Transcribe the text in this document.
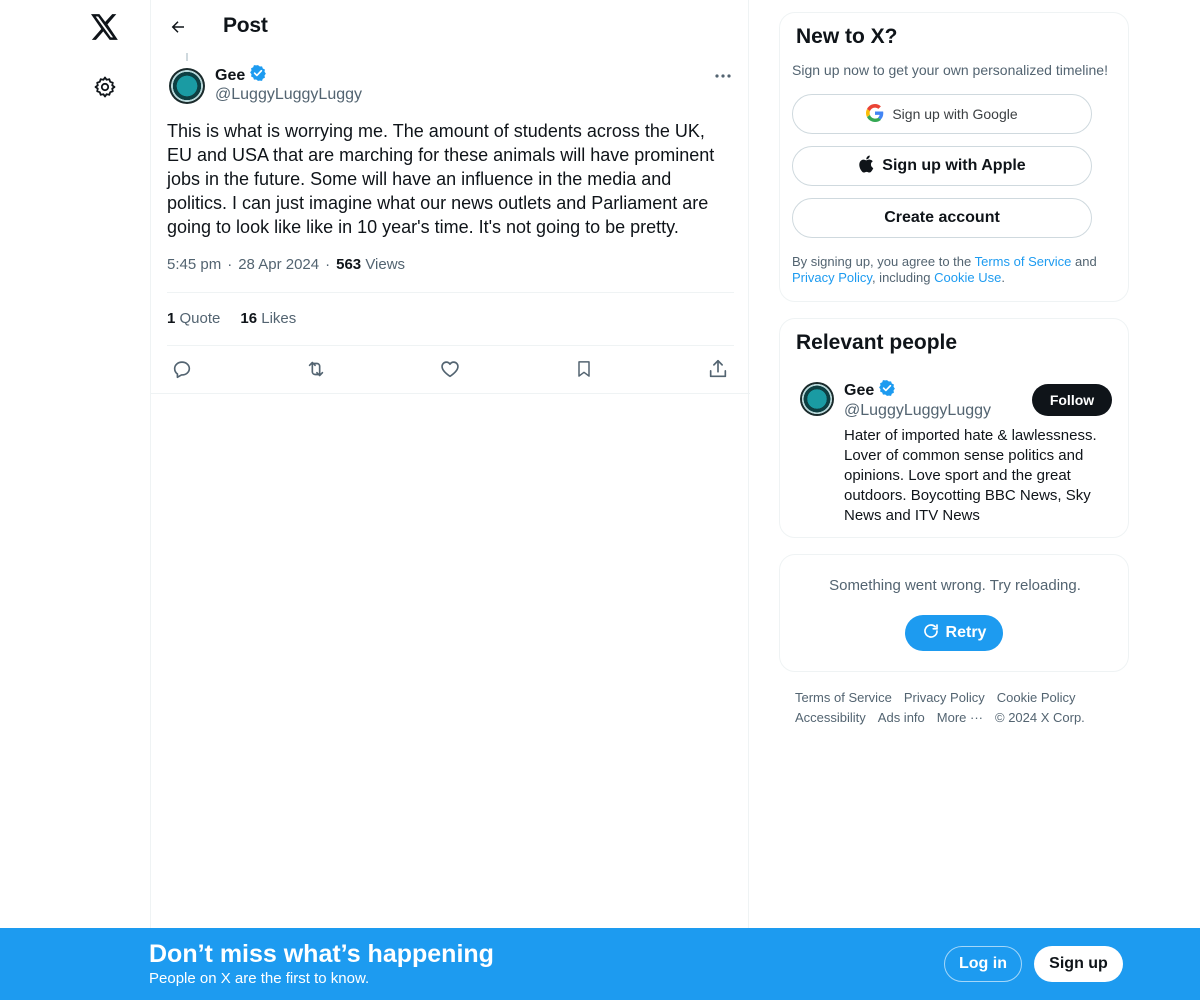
Post
Gee
@LuggyLuggyLuggy
This is what is worrying me. The amount of students across the UK, EU and USA that are marching for these animals will have prominent jobs in the future. Some will have an influence in the media and politics. I can just imagine what our news outlets and Parliament are going to look like like in 10 year's time. It's not going to be pretty.
5:45 pm · 28 Apr 2024 · 563 Views
1 Quote 16 Likes
New to X?
Sign up now to get your own personalized timeline!
Sign up with Google
Sign up with Apple
Create account
By signing up, you agree to the Terms of Service and Privacy Policy, including Cookie Use.
Relevant people
Gee
@LuggyLuggyLuggy
Follow
Hater of imported hate & lawlessness. Lover of common sense politics and opinions. Love sport and the great outdoors. Boycotting BBC News, Sky News and ITV News
Something went wrong. Try reloading.
Retry
Terms of Service Privacy Policy Cookie Policy
Accessibility Ads info More ··· © 2024 X Corp.
Don’t miss what’s happening
People on X are the first to know.
Log in	Sign up
